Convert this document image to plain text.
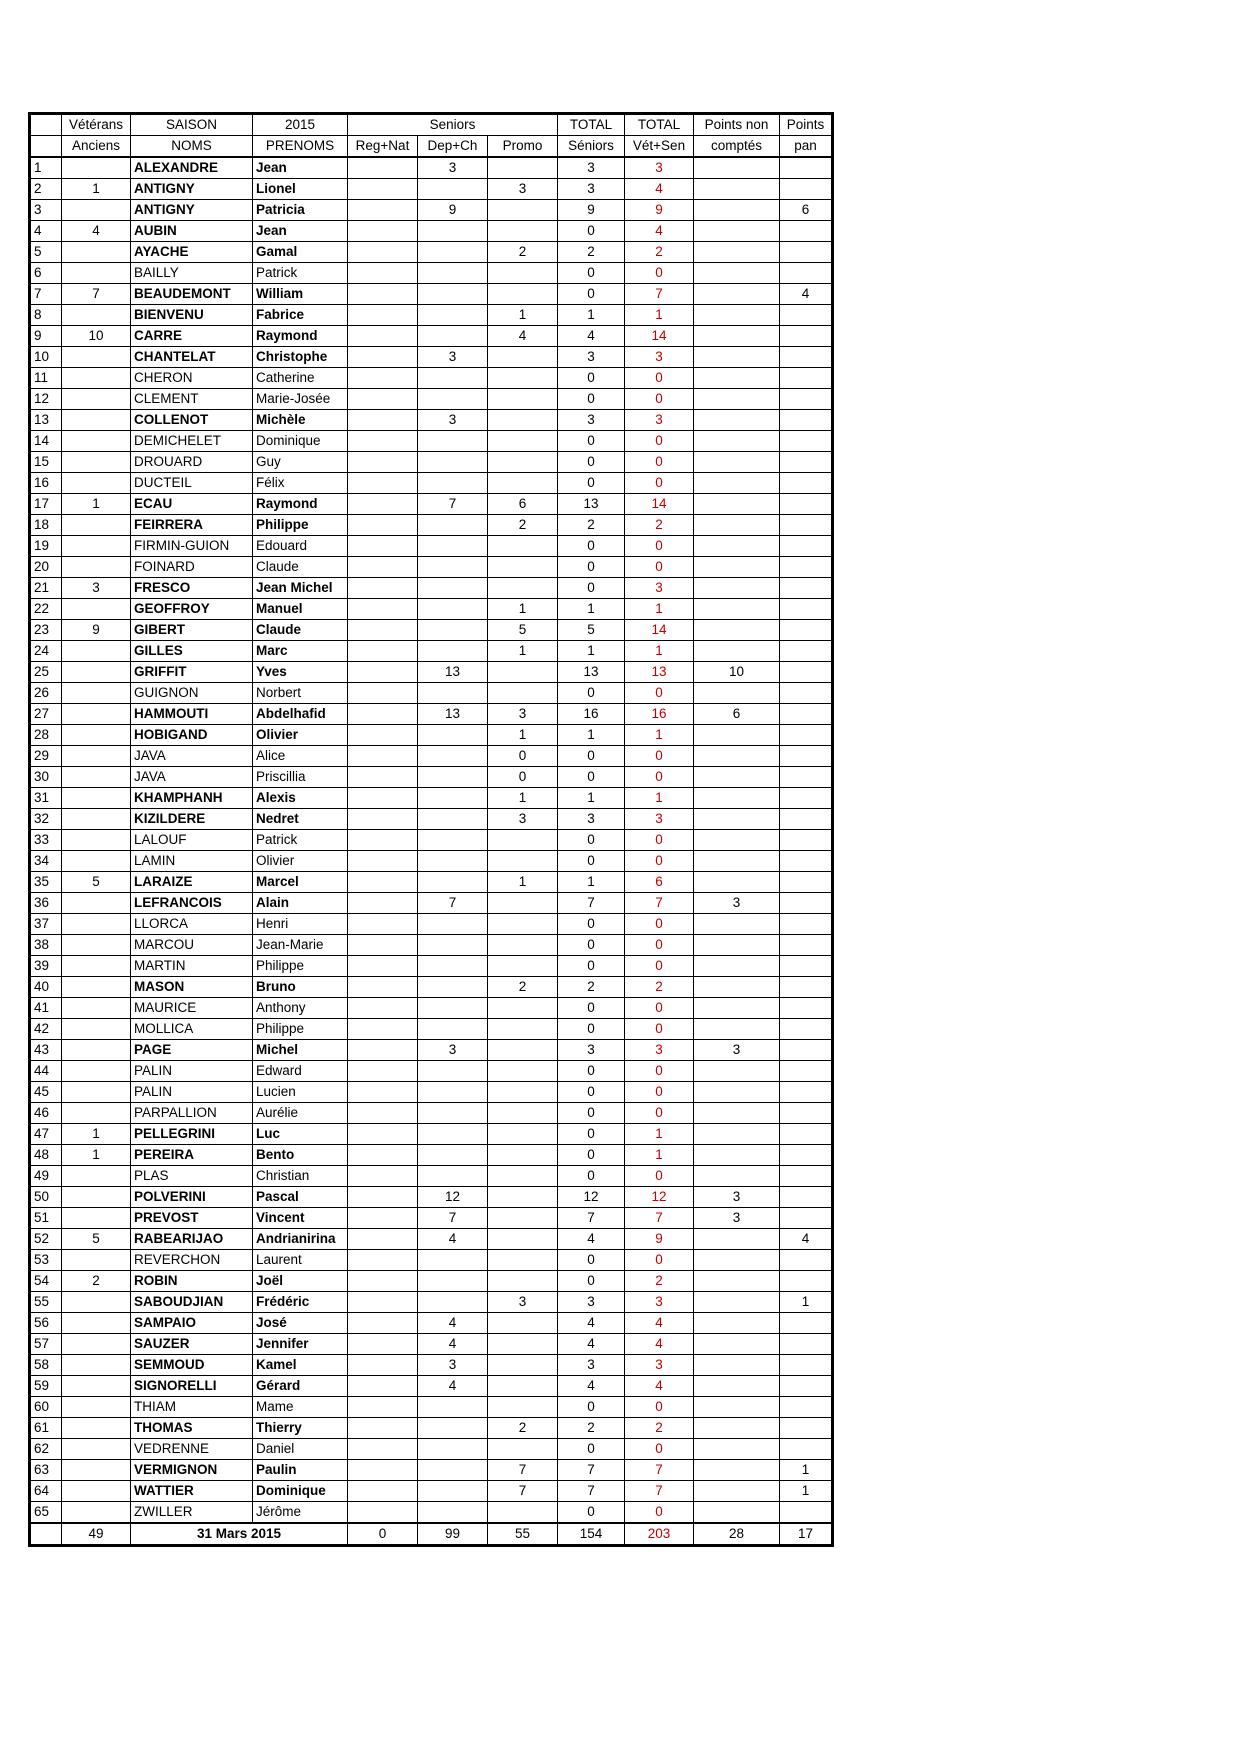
	Vétérans	SAISON	2015	Seniors			TOTAL	TOTAL	Points non	Points
	Anciens	NOMS	PRENOMS	Reg+Nat	Dep+Ch	Promo	Séniors	Vét+Sen	comptés	pan
1		ALEXANDRE	Jean		3		3	3		
2	1	ANTIGNY	Lionel			3	3	4		
3		ANTIGNY	Patricia		9		9	9		6
4	4	AUBIN	Jean				0	4		
5		AYACHE	Gamal			2	2	2		
6		BAILLY	Patrick				0	0		
7	7	BEAUDEMONT	William				0	7		4
8		BIENVENU	Fabrice			1	1	1		
9	10	CARRE	Raymond			4	4	14		
10		CHANTELAT	Christophe		3		3	3		
11		CHERON	Catherine				0	0		
12		CLEMENT	Marie-Josée				0	0		
13		COLLENOT	Michèle		3		3	3		
14		DEMICHELET	Dominique				0	0		
15		DROUARD	Guy				0	0		
16		DUCTEIL	Félix				0	0		
17	1	ECAU	Raymond		7	6	13	14		
18		FEIRRERA	Philippe			2	2	2		
19		FIRMIN-GUION	Edouard				0	0		
20		FOINARD	Claude				0	0		
21	3	FRESCO	Jean Michel				0	3		
22		GEOFFROY	Manuel			1	1	1		
23	9	GIBERT	Claude			5	5	14		
24		GILLES	Marc			1	1	1		
25		GRIFFIT	Yves		13		13	13	10	
26		GUIGNON	Norbert				0	0		
27		HAMMOUTI	Abdelhafid		13	3	16	16	6	
28		HOBIGAND	Olivier			1	1	1		
29		JAVA	Alice			0	0	0		
30		JAVA	Priscillia			0	0	0		
31		KHAMPHANH	Alexis			1	1	1		
32		KIZILDERE	Nedret			3	3	3		
33		LALOUF	Patrick				0	0		
34		LAMIN	Olivier				0	0		
35	5	LARAIZE	Marcel			1	1	6		
36		LEFRANCOIS	Alain		7		7	7	3	
37		LLORCA	Henri				0	0		
38		MARCOU	Jean-Marie				0	0		
39		MARTIN	Philippe				0	0		
40		MASON	Bruno			2	2	2		
41		MAURICE	Anthony				0	0		
42		MOLLICA	Philippe				0	0		
43		PAGE	Michel		3		3	3	3	
44		PALIN	Edward				0	0		
45		PALIN	Lucien				0	0		
46		PARPALLION	Aurélie				0	0		
47	1	PELLEGRINI	Luc				0	1		
48	1	PEREIRA	Bento				0	1		
49		PLAS	Christian				0	0		
50		POLVERINI	Pascal		12		12	12	3	
51		PREVOST	Vincent		7		7	7	3	
52	5	RABEARIJAO	Andrianirina		4		4	9		4
53		REVERCHON	Laurent				0	0		
54	2	ROBIN	Joël				0	2		
55		SABOUDJIAN	Frédéric			3	3	3		1
56		SAMPAIO	José		4		4	4		
57		SAUZER	Jennifer		4		4	4		
58		SEMMOUD	Kamel		3		3	3		
59		SIGNORELLI	Gérard		4		4	4		
60		THIAM	Mame				0	0		
61		THOMAS	Thierry			2	2	2		
62		VEDRENNE	Daniel				0	0		
63		VERMIGNON	Paulin			7	7	7		1
64		WATTIER	Dominique			7	7	7		1
65		ZWILLER	Jérôme				0	0		
	49	31 Mars 2015		0	99	55	154	203	28	17
